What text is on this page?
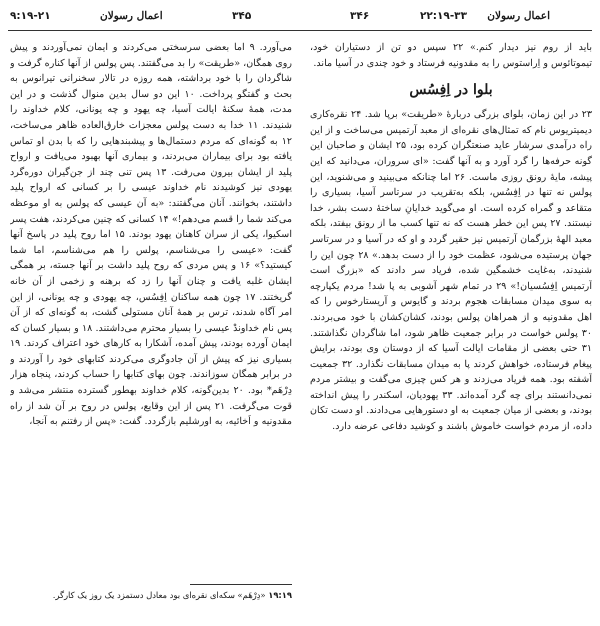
اعمال رسولان
۲۲:۱۹-۳۳
۳۴۶
۳۴۵
اعمال رسولان
۹:۱۹-۲۱

باید از روم نیز دیدار کنم.» ۲۲ سپس دو تن از دستیاران خود، تیموتائوس و اِراستوس را به مقدونیه فرستاد و خود چندی در آسیا ماند.

بلوا در اِفِسُس

۲۳ در این زمان، بلوای بزرگی دربارۀ «طریقت» برپا شد. ۲۴ نقره‌کاری دیمیتریوس نام که تمثال‌های نقره‌ای از معبد آرتمیس می‌ساخت و از این راه درآمدی سرشار عاید صنعتگران کرده بود، ۲۵ ایشان و صاحبان این گونه حرفه‌ها را گرد آورد و به آنها گفت: «ای سروران، می‌دانید که این پیشه، مایۀ رونق روزی ماست. ۲۶ اما چنانکه می‌بینید و می‌شنوید، این پولس نه تنها در اِفِسُس، بلکه به‌تقریب در سرتاسر آسیا، بسیاری را متقاعد و گمراه کرده است. او می‌گوید خدایانِ ساختۀ دست بشر، خدا نیستند. ۲۷ پس این خطر هست که نه تنها کسب ما از رونق بیفتد، بلکه معبد الهۀ بزرگمان آرتمیس نیز حقیر گردد و او که در آسیا و در سرتاسر جهان پرستیده می‌شود، عظمت خود را از دست بدهد.» ۲۸ چون این را شنیدند، به‌غایت خشمگین شده، فریاد سر دادند که «بزرگ است آرتمیس اِفِسُسیان!» ۲۹ در تمام شهر آشوبی به پا شد! مردم یکپارچه به سوی میدان مسابقات هجوم بردند و گایوس و آریستارخوس را که اهل مقدونیه و از همراهان پولس بودند، کشان‌کشان با خود می‌بردند. ۳۰ پولس خواست در برابر جمعیت ظاهر شود، اما شاگردان نگذاشتند. ۳۱ حتی بعضی از مقامات ایالت آسیا که از دوستان وی بودند، برایش پیغام فرستاده، خواهش کردند پا به میدان مسابقات نگذارد. ۳۲ جمعیت آشفته بود. همه فریاد می‌زدند و هر کس چیزی می‌گفت و بیشتر مردم نمی‌دانستند برای چه گرد آمده‌اند. ۳۳ یهودیان، اسکندر را پیش انداخته بودند، و بعضی از میان جمعیت به او دستورهایی می‌دادند. او دست تکان داده، از مردم خواست خاموش باشند و کوشید دفاعی عرضه دارد.

می‌آورد. ۹ اما بعضی سرسختی می‌کردند و ایمان نمی‌آوردند و پیش روی همگان، «طریقت» را بد می‌گفتند. پس پولس از آنها کناره گرفت و شاگردان را با خود برداشته، همه روزه در تالار سخنرانی تیرانوس به بحث و گفتگو پرداخت. ۱۰ این دو سال بدین منوال گذشت و در این مدت، همۀ سکنۀ ایالت آسیا، چه یهود و چه یونانی، کلام خداوند را شنیدند. ۱۱ خدا به دست پولس معجزات خارق‌العاده ظاهر می‌ساخت، ۱۲ به گونه‌ای که مردم دستمال‌ها و پیشبندهایی را که با بدن او تماس یافته بود برای بیماران می‌بردند، و بیماری آنها بهبود می‌یافت و ارواح پلید از ایشان بیرون می‌رفت. ۱۳ پس تنی چند از جن‌گیران دوره‌گرد یهودی نیز کوشیدند نام خداوند عیسی را بر کسانی که ارواح پلید داشتند، بخوانند. آنان می‌گفتند: «به آن عیسی که پولس به او موعظه می‌کند شما را قسم می‌دهم!» ۱۴ کسانی که چنین می‌کردند، هفت پسر اسکیوا، یکی از سران کاهنان یهود بودند. ۱۵ اما روح پلید در پاسخ آنها گفت: «عیسی را می‌شناسم، پولس را هم می‌شناسم، اما شما کیستید؟» ۱۶ و پس مردی که روح پلید داشت بر آنها جسته، بر همگی ایشان غلبه یافت و چنان آنها را زد که برهنه و زخمی از آن خانه گریختند. ۱۷ چون همه ساکنان اِفِسُس، چه یهودی و چه یونانی، از این امر آگاه شدند، ترس بر همۀ آنان مستولی گشت، به گونه‌ای که از آن پس نام خداوندْ عیسی را بسیار محترم می‌داشتند. ۱۸ و بسیار کسان که ایمان آورده بودند، پیش آمده، آشکارا به کارهای خود اعتراف کردند. ۱۹ بسیاری نیز که پیش از آن جادوگری می‌کردند کتابهای خود را آوردند و در برابر همگان سوزاندند. چون بهای کتابها را حساب کردند، پنجاه هزار دِرْهَم* بود. ۲۰ بدین‌گونه، کلام خداوند بهطور گسترده‌ منتشر می‌شد و قوت می‌گرفت. ۲۱ پس از این وقایع، پولس در روح بر آن شد از راه مقدونیه و اَخائیه، به اورشلیم بازگردد. گفت: «پس از رفتنم به آنجا،

۱۹:۱۹ «دِرْهَم» سکه‌ای نقره‌ای بود معادل دستمزد یک روز یک کارگر.
